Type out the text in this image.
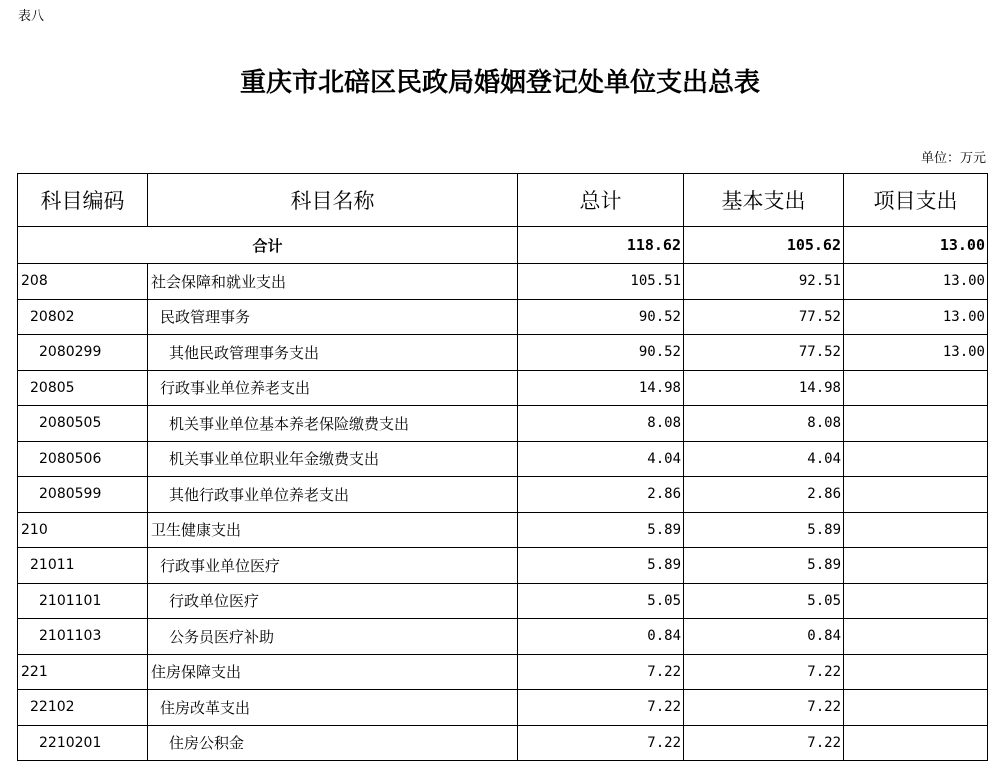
表八
重庆市北碚区民政局婚姻登记处单位支出总表
单位：万元
科目编码	科目名称	总计	基本支出	项目支出
合计		118.62	105.62	13.00
208	社会保障和就业支出	105.51	92.51	13.00
20802	民政管理事务	90.52	77.52	13.00
2080299	其他民政管理事务支出	90.52	77.52	13.00
20805	行政事业单位养老支出	14.98	14.98	
2080505	机关事业单位基本养老保险缴费支出	8.08	8.08	
2080506	机关事业单位职业年金缴费支出	4.04	4.04	
2080599	其他行政事业单位养老支出	2.86	2.86	
210	卫生健康支出	5.89	5.89	
21011	行政事业单位医疗	5.89	5.89	
2101101	行政单位医疗	5.05	5.05	
2101103	公务员医疗补助	0.84	0.84	
221	住房保障支出	7.22	7.22	
22102	住房改革支出	7.22	7.22	
2210201	住房公积金	7.22	7.22	
